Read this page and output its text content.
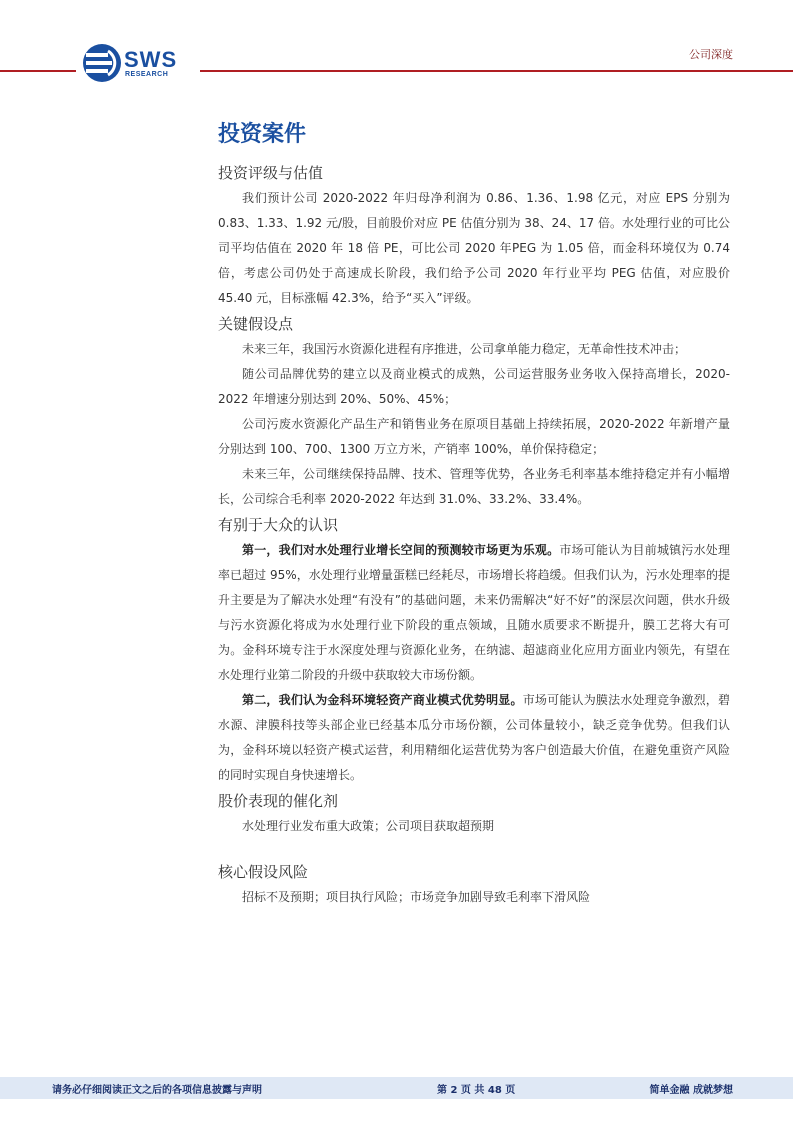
SWS
RESEARCH
公司深度
投资案件
投资评级与估值

我们预计公司 2020-2022 年归母净利润为 0.86、1.36、1.98 亿元，对应 EPS 分别为 0.83、1.33、1.92 元/股，目前股价对应 PE 估值分别为 38、24、17 倍。水处理行业的可比公司平均估值在 2020 年 18 倍 PE，可比公司 2020 年PEG 为 1.05 倍，而金科环境仅为 0.74 倍，考虑公司仍处于高速成长阶段，我们给予公司 2020 年行业平均 PEG 估值，对应股价 45.40 元，目标涨幅 42.3%，给予“买入”评级。

关键假设点

未来三年，我国污水资源化进程有序推进，公司拿单能力稳定，无革命性技术冲击；

随公司品牌优势的建立以及商业模式的成熟，公司运营服务业务收入保持高增长，2020-2022 年增速分别达到 20%、50%、45%；

公司污废水资源化产品生产和销售业务在原项目基础上持续拓展，2020-2022 年新增产量分别达到 100、700、1300 万立方米，产销率 100%，单价保持稳定；

未来三年，公司继续保持品牌、技术、管理等优势，各业务毛利率基本维持稳定并有小幅增长，公司综合毛利率 2020-2022 年达到 31.0%、33.2%、33.4%。

有别于大众的认识

第一，我们对水处理行业增长空间的预测较市场更为乐观。市场可能认为目前城镇污水处理率已超过 95%，水处理行业增量蛋糕已经耗尽，市场增长将趋缓。但我们认为，污水处理率的提升主要是为了解决水处理“有没有”的基础问题，未来仍需解决“好不好”的深层次问题，供水升级与污水资源化将成为水处理行业下阶段的重点领域，且随水质要求不断提升，膜工艺将大有可为。金科环境专注于水深度处理与资源化业务，在纳滤、超滤商业化应用方面业内领先，有望在水处理行业第二阶段的升级中获取较大市场份额。

第二，我们认为金科环境轻资产商业模式优势明显。市场可能认为膜法水处理竞争激烈，碧水源、津膜科技等头部企业已经基本瓜分市场份额，公司体量较小，缺乏竞争优势。但我们认为，金科环境以轻资产模式运营，利用精细化运营优势为客户创造最大价值，在避免重资产风险的同时实现自身快速增长。

股价表现的催化剂

水处理行业发布重大政策；公司项目获取超预期

核心假设风险

招标不及预期；项目执行风险；市场竞争加剧导致毛利率下滑风险

请务必仔细阅读正文之后的各项信息披露与声明	第 2 页 共 48 页	简单金融 成就梦想
